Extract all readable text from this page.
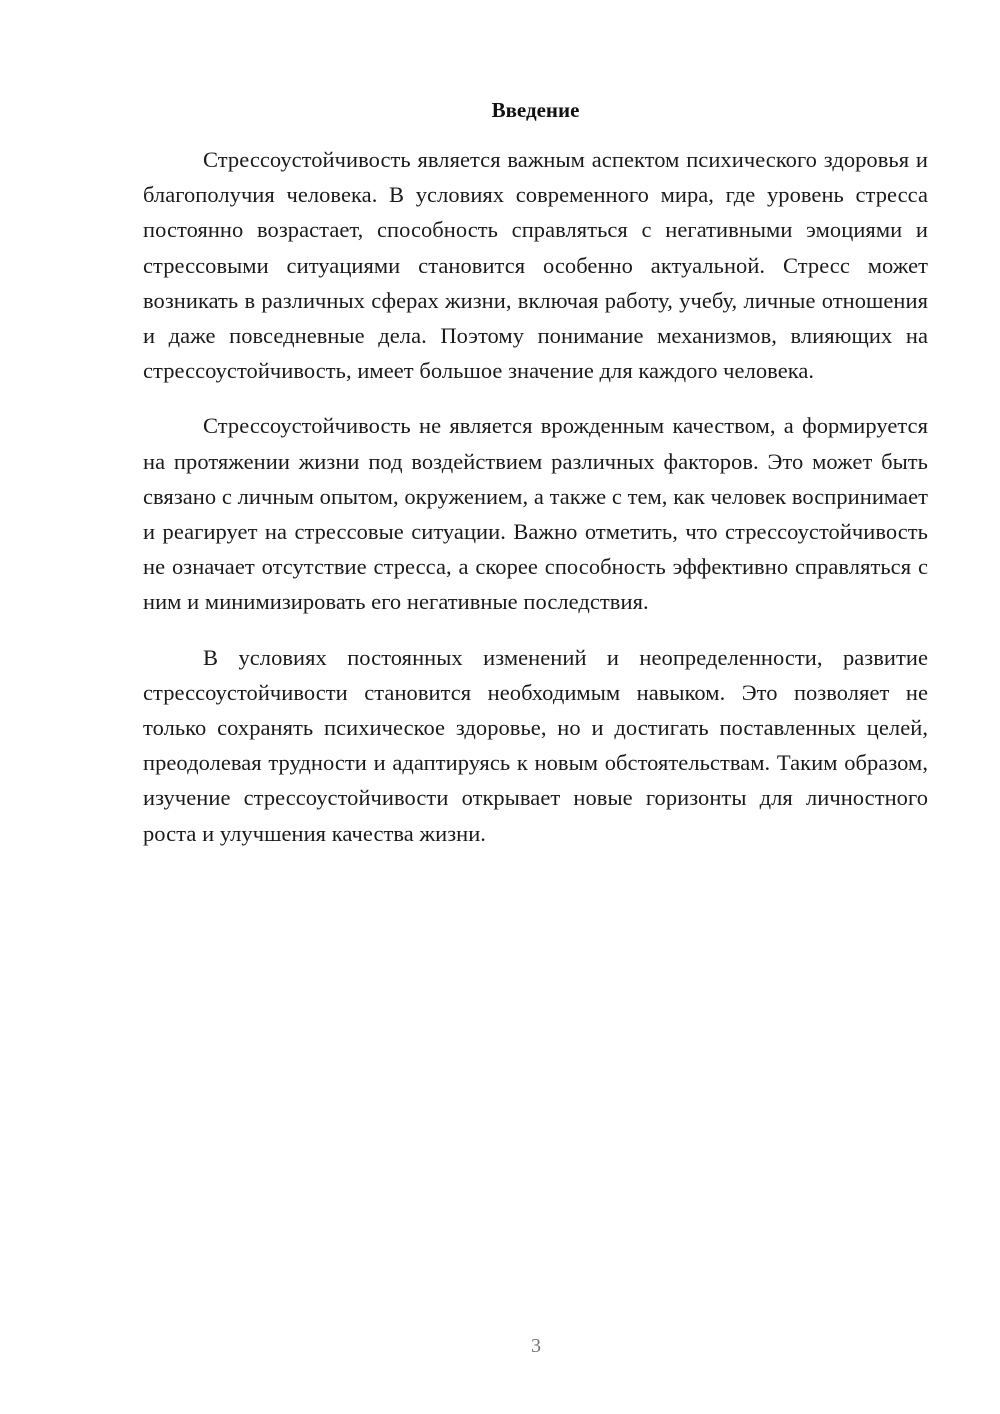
Введение

Стрессоустойчивость является важным аспектом психического здоровья и благополучия человека. В условиях современного мира, где уровень стресса постоянно возрастает, способность справляться с негативными эмоциями и стрессовыми ситуациями становится особенно актуальной. Стресс может возникать в различных сферах жизни, включая работу, учебу, личные отношения и даже повседневные дела. Поэтому понимание механизмов, влияющих на стрессоустойчивость, имеет большое значение для каждого человека.

Стрессоустойчивость не является врожденным качеством, а формируется на протяжении жизни под воздействием различных факторов. Это может быть связано с личным опытом, окружением, а также с тем, как человек воспринимает и реагирует на стрессовые ситуации. Важно отметить, что стрессоустойчивость не означает отсутствие стресса, а скорее способность эффективно справляться с ним и минимизировать его негативные последствия.

В условиях постоянных изменений и неопределенности, развитие стрессоустойчивости становится необходимым навыком. Это позволяет не только сохранять психическое здоровье, но и достигать поставленных целей, преодолевая трудности и адаптируясь к новым обстоятельствам. Таким образом, изучение стрессоустойчивости открывает новые горизонты для личностного роста и улучшения качества жизни.

3
